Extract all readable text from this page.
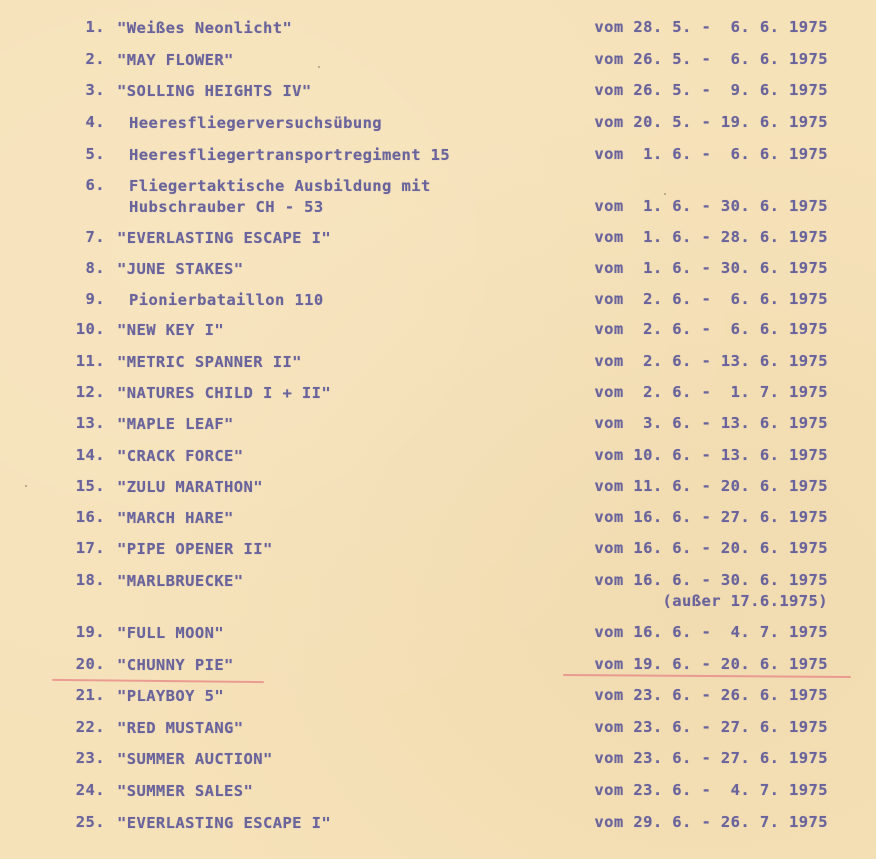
1. "Weißes Neonlicht"	vom 28. 5. -  6. 6. 1975
2. "MAY FLOWER"	vom 26. 5. -  6. 6. 1975
3. "SOLLING HEIGHTS IV"	vom 26. 5. -  9. 6. 1975
4. Heeresfliegerversuchsübung	vom 20. 5. - 19. 6. 1975
5. Heeresfliegertransportregiment 15	vom  1. 6. -  6. 6. 1975
6. Fliegertaktische Ausbildung mit
Hubschrauber CH - 53	vom  1. 6. - 30. 6. 1975
7. "EVERLASTING ESCAPE I"	vom  1. 6. - 28. 6. 1975
8. "JUNE STAKES"	vom  1. 6. - 30. 6. 1975
9. Pionierbataillon 110	vom  2. 6. -  6. 6. 1975
10. "NEW KEY I"	vom  2. 6. -  6. 6. 1975
11. "METRIC SPANNER II"	vom  2. 6. - 13. 6. 1975
12. "NATURES CHILD I + II"	vom  2. 6. -  1. 7. 1975
13. "MAPLE LEAF"	vom  3. 6. - 13. 6. 1975
14. "CRACK FORCE"	vom 10. 6. - 13. 6. 1975
15. "ZULU MARATHON"	vom 11. 6. - 20. 6. 1975
16. "MARCH HARE"	vom 16. 6. - 27. 6. 1975
17. "PIPE OPENER II"	vom 16. 6. - 20. 6. 1975
18. "MARLBRUECKE"	vom 16. 6. - 30. 6. 1975
(außer 17.6.1975)
19. "FULL MOON"	vom 16. 6. -  4. 7. 1975
20. "CHUNNY PIE"	vom 19. 6. - 20. 6. 1975
21. "PLAYBOY 5"	vom 23. 6. - 26. 6. 1975
22. "RED MUSTANG"	vom 23. 6. - 27. 6. 1975
23. "SUMMER AUCTION"	vom 23. 6. - 27. 6. 1975
24. "SUMMER SALES"	vom 23. 6. -  4. 7. 1975
25. "EVERLASTING ESCAPE I"	vom 29. 6. - 26. 7. 1975
